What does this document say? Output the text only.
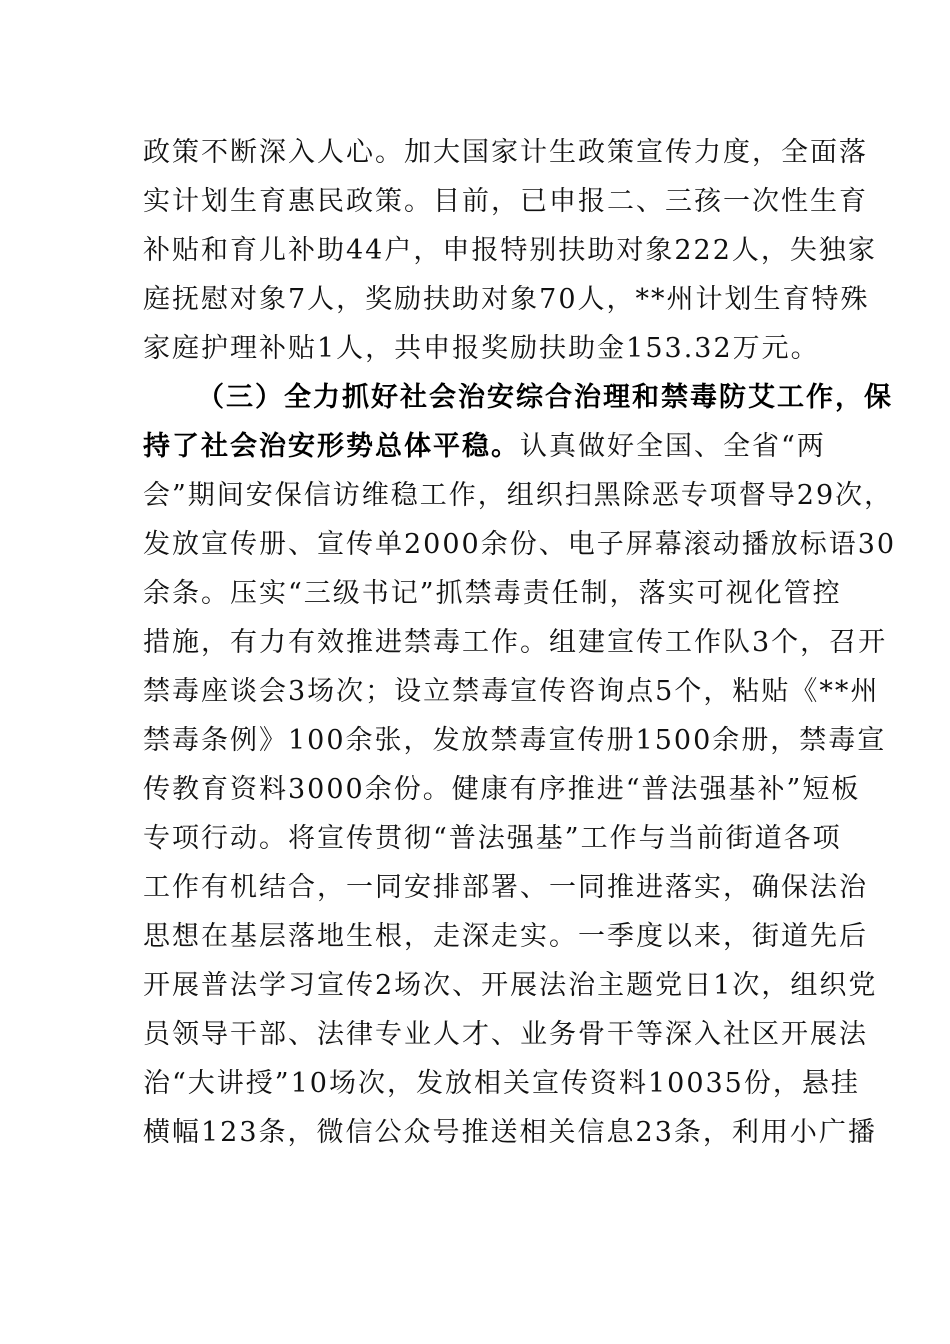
政策不断深入人心。加大国家计生政策宣传力度，全面落
实计划生育惠民政策。目前，已申报二、三孩一次性生育
补贴和育儿补助44户，申报特别扶助对象222人，失独家
庭抚慰对象7人，奖励扶助对象70人，**州计划生育特殊
家庭护理补贴1人，共申报奖励扶助金153.32万元。
（三）全力抓好社会治安综合治理和禁毒防艾工作，保
持了社会治安形势总体平稳。认真做好全国、全省“两
会”期间安保信访维稳工作，组织扫黑除恶专项督导29次，
发放宣传册、宣传单2000余份、电子屏幕滚动播放标语30
余条。压实“三级书记”抓禁毒责任制，落实可视化管控
措施，有力有效推进禁毒工作。组建宣传工作队3个，召开
禁毒座谈会3场次；设立禁毒宣传咨询点5个，粘贴《**州
禁毒条例》100余张，发放禁毒宣传册1500余册，禁毒宣
传教育资料3000余份。健康有序推进“普法强基补”短板
专项行动。将宣传贯彻“普法强基”工作与当前街道各项
工作有机结合，一同安排部署、一同推进落实，确保法治
思想在基层落地生根，走深走实。一季度以来，街道先后
开展普法学习宣传2场次、开展法治主题党日1次，组织党
员领导干部、法律专业人才、业务骨干等深入社区开展法
治“大讲授”10场次，发放相关宣传资料10035份，悬挂
横幅123条，微信公众号推送相关信息23条，利用小广播
